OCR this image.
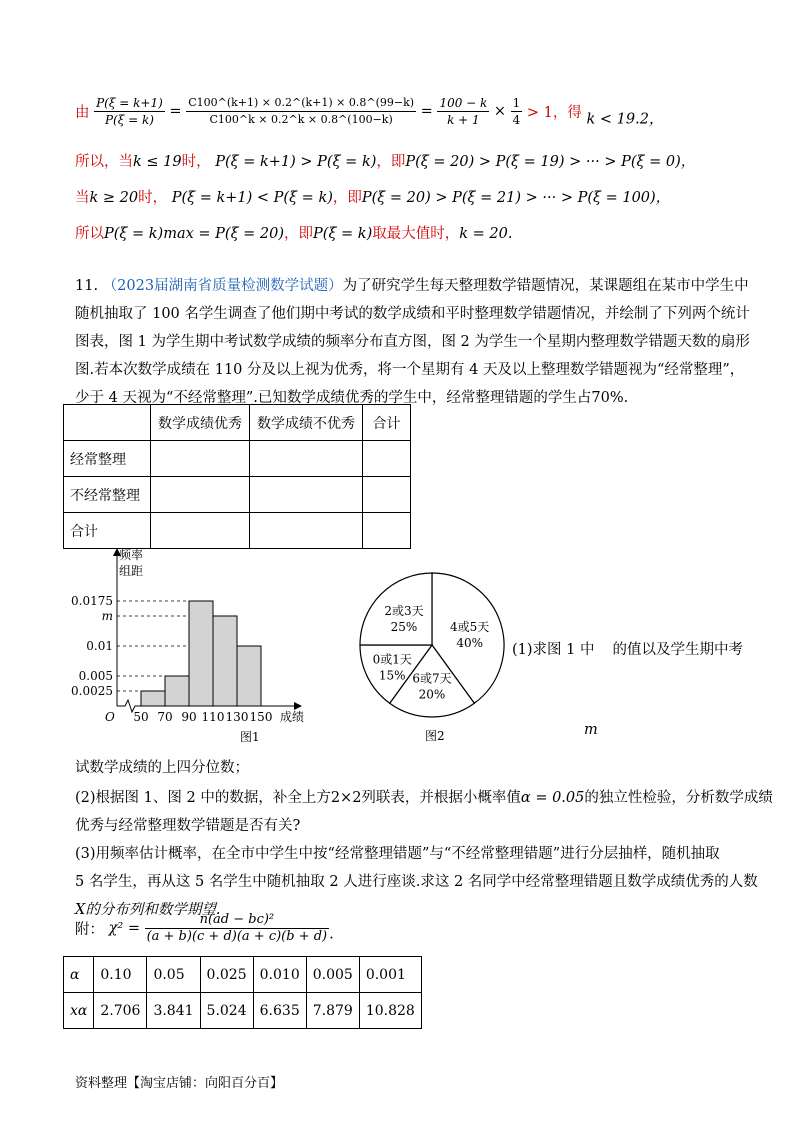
由 $\frac{P(\xi = k+1)}{P(\xi = k)} = \frac{C100\^{}(k+1) \times 0.2\^{}(k+1) \times 0.8\^{}(99-k)}{C100\^{}k \times 0.2\^{}k \times 0.8\^{}(100-k)} = \frac{100 - k}{k + 1} \times \frac{1}{4} > 1$，得 k < 19.2，
所以，当k ≤ 19时， P(ξ = k+1) > P(ξ = k)，即P(ξ = 20) > P(ξ = 19) > ··· > P(ξ = 0)，
当k ≥ 20时， P(ξ = k+1) < P(ξ = k)，即P(ξ = 20) > P(ξ = 21) > ··· > P(ξ = 100)，
所以P(ξ = k)max = P(ξ = 20)，即P(ξ = k)取最大值时，k = 20.
11. （2023届湖南省质量检测数学试题）为了研究学生每天整理数学错题情况，某课题组在某市中学生中
随机抽取了 100 名学生调查了他们期中考试的数学成绩和平时整理数学错题情况，并绘制了下列两个统计
图表，图 1 为学生期中考试数学成绩的频率分布直方图，图 2 为学生一个星期内整理数学错题天数的扇形
图.若本次数学成绩在 110 分及以上视为优秀，将一个星期有 4 天及以上整理数学错题视为“经常整理”，
少于 4 天视为“不经常整理”.已知数学成绩优秀的学生中，经常整理错题的学生占70%.
	数学成绩优秀	数学成绩不优秀	合计
经常整理			
不经常整理			
合计			
0.0025
0.005
0.01
m
0.0175
50 70 90 110 130 150
频率
组距
成绩
O
图1
4或5天
40%
6或7天
20%
0或1天
15%
2或3天
25%
图2
(1)求图 1 中 的值以及学生期中考
m
试数学成绩的上四分位数；
(2)根据图 1、图 2 中的数据，补全上方2×2列联表，并根据小概率值α = 0.05的独立性检验，分析数学成绩
优秀与经常整理数学错题是否有关?
(3)用频率估计概率，在全市中学生中按“经常整理错题”与“不经常整理错题”进行分层抽样，随机抽取
5 名学生，再从这 5 名学生中随机抽取 2 人进行座谈.求这 2 名同学中经常整理错题且数学成绩优秀的人数
X的分布列和数学期望.
附： $\chi^2 = \frac{\text{n(ad − bc)²}}{(a + b)(c + d)(a + c)(b + d)}$ .
α	0.10	0.05	0.025	0.010	0.005	0.001
xα	2.706	3.841	5.024	6.635	7.879	10.828
资料整理【淘宝店铺：向阳百分百】
